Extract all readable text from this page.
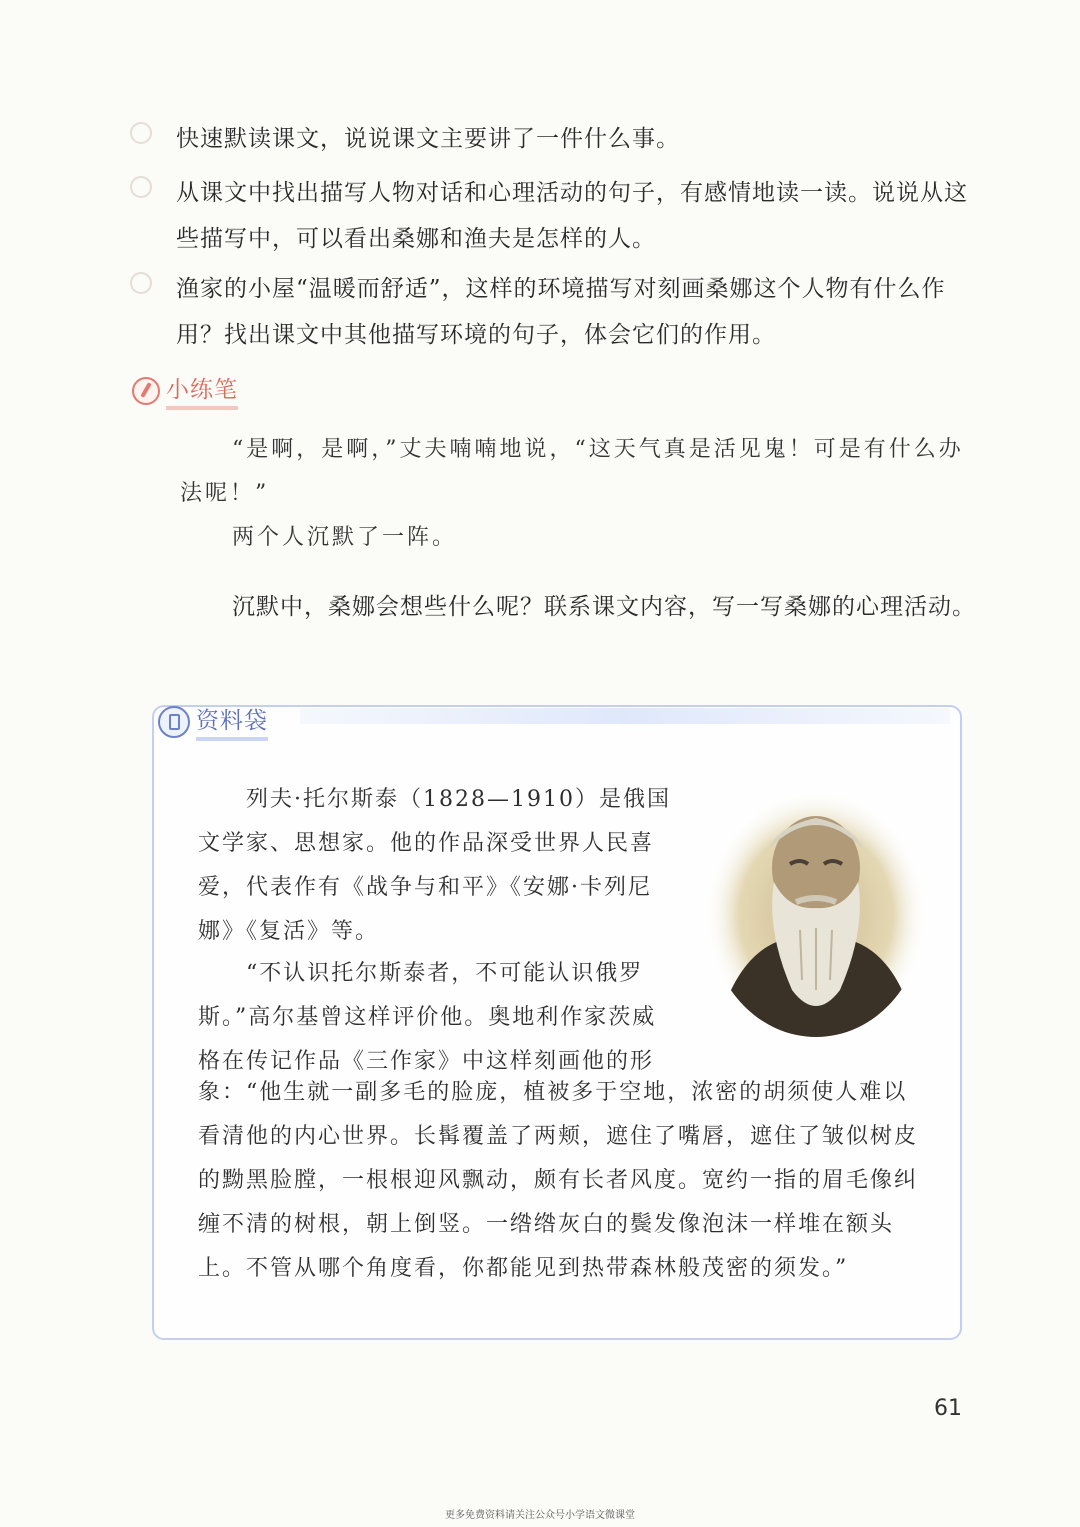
快速默读课文，说说课文主要讲了一件什么事。
从课文中找出描写人物对话和心理活动的句子，有感情地读一读。说说从这些描写中，可以看出桑娜和渔夫是怎样的人。
渔家的小屋“温暖而舒适”，这样的环境描写对刻画桑娜这个人物有什么作用？找出课文中其他描写环境的句子，体会它们的作用。
小练笔
“是啊，是啊，”丈夫喃喃地说，“这天气真是活见鬼！可是有什么办法呢！”
两个人沉默了一阵。
沉默中，桑娜会想些什么呢？联系课文内容，写一写桑娜的心理活动。
资料袋
列夫·托尔斯泰（1828—1910）是俄国文学家、思想家。他的作品深受世界人民喜爱，代表作有《战争与和平》《安娜·卡列尼娜》《复活》等。
“不认识托尔斯泰者，不可能认识俄罗斯。”高尔基曾这样评价他。奥地利作家茨威格在传记作品《三作家》中这样刻画他的形
象：“他生就一副多毛的脸庞，植被多于空地，浓密的胡须使人难以看清他的内心世界。长髯覆盖了两颊，遮住了嘴唇，遮住了皱似树皮的黝黑脸膛，一根根迎风飘动，颇有长者风度。宽约一指的眉毛像纠缠不清的树根，朝上倒竖。一绺绺灰白的鬓发像泡沫一样堆在额头上。不管从哪个角度看，你都能见到热带森林般茂密的须发。”
61
更多免费资料请关注公众号小学语文微课堂
